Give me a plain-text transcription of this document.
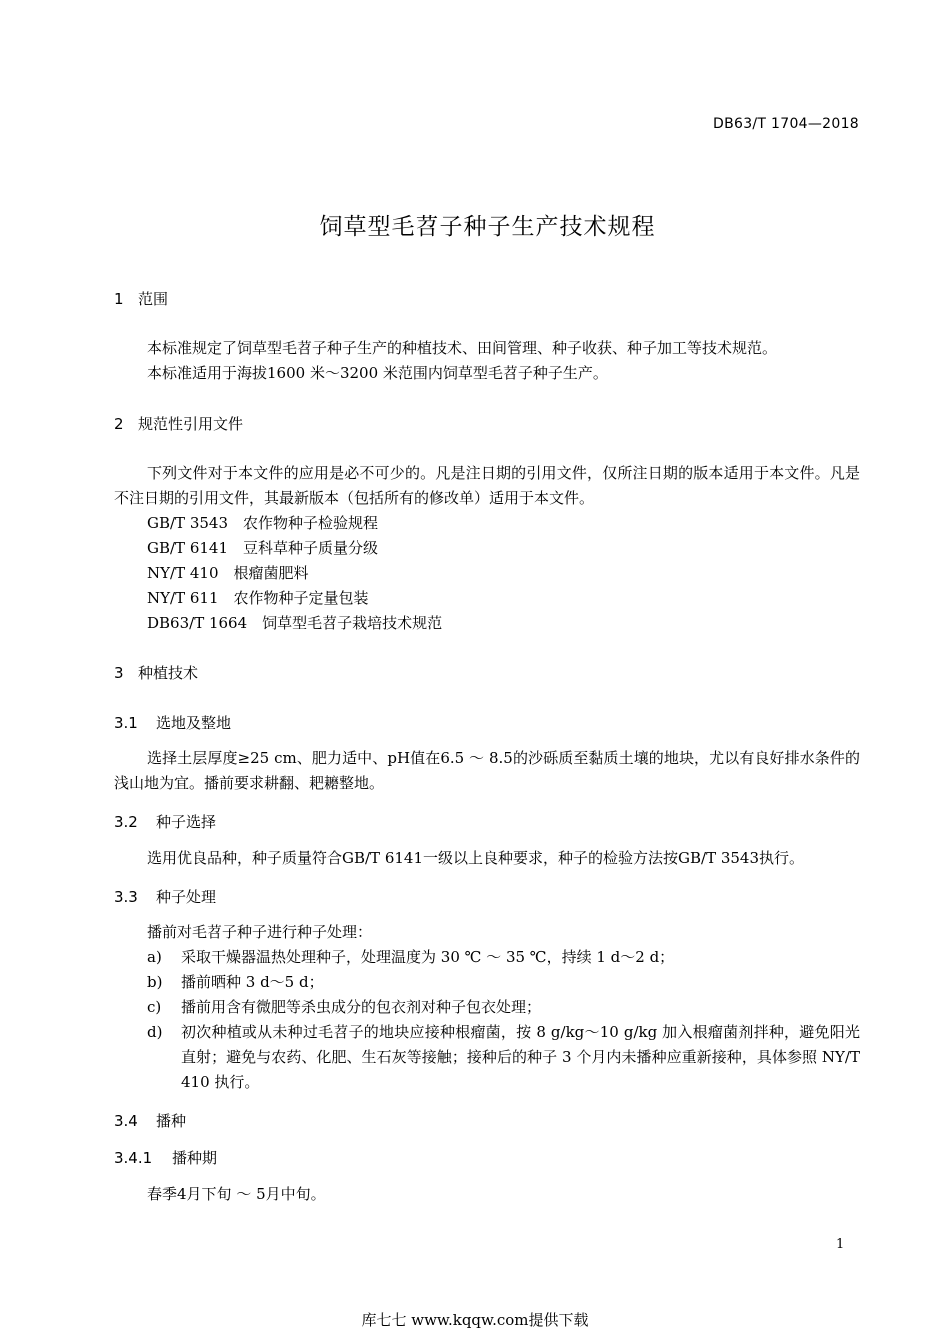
DB63/T 1704—2018
饲草型毛苕子种子生产技术规程
1 范围
本标准规定了饲草型毛苕子种子生产的种植技术、田间管理、种子收获、种子加工等技术规范。
本标准适用于海拔1600 米～3200 米范围内饲草型毛苕子种子生产。
2 规范性引用文件
下列文件对于本文件的应用是必不可少的。凡是注日期的引用文件，仅所注日期的版本适用于本文件。凡是不注日期的引用文件，其最新版本（包括所有的修改单）适用于本文件。
GB/T 3543　农作物种子检验规程
GB/T 6141　豆科草种子质量分级
NY/T 410　根瘤菌肥料
NY/T 611　农作物种子定量包装
DB63/T 1664　饲草型毛苕子栽培技术规范
3 种植技术
3.1 选地及整地
选择土层厚度≥25 cm、肥力适中、pH值在6.5 ～ 8.5的沙砾质至黏质土壤的地块，尤以有良好排水条件的浅山地为宜。播前要求耕翻、耙耱整地。
3.2 种子选择
选用优良品种，种子质量符合GB/T 6141一级以上良种要求，种子的检验方法按GB/T 3543执行。
3.3 种子处理
播前对毛苕子种子进行种子处理：
a) 采取干燥器温热处理种子，处理温度为 30 ℃ ～ 35 ℃，持续 1 d～2 d；
b) 播前晒种 3 d～5 d；
c) 播前用含有微肥等杀虫成分的包衣剂对种子包衣处理；
d) 初次种植或从未种过毛苕子的地块应接种根瘤菌，按 8 g/kg～10 g/kg 加入根瘤菌剂拌种，避免阳光直射；避免与农药、化肥、生石灰等接触；接种后的种子 3 个月内未播种应重新接种，具体参照 NY/T 410 执行。
3.4 播种
3.4.1 播种期
春季4月下旬 ～ 5月中旬。
1
库七七 www.kqqw.com提供下载
